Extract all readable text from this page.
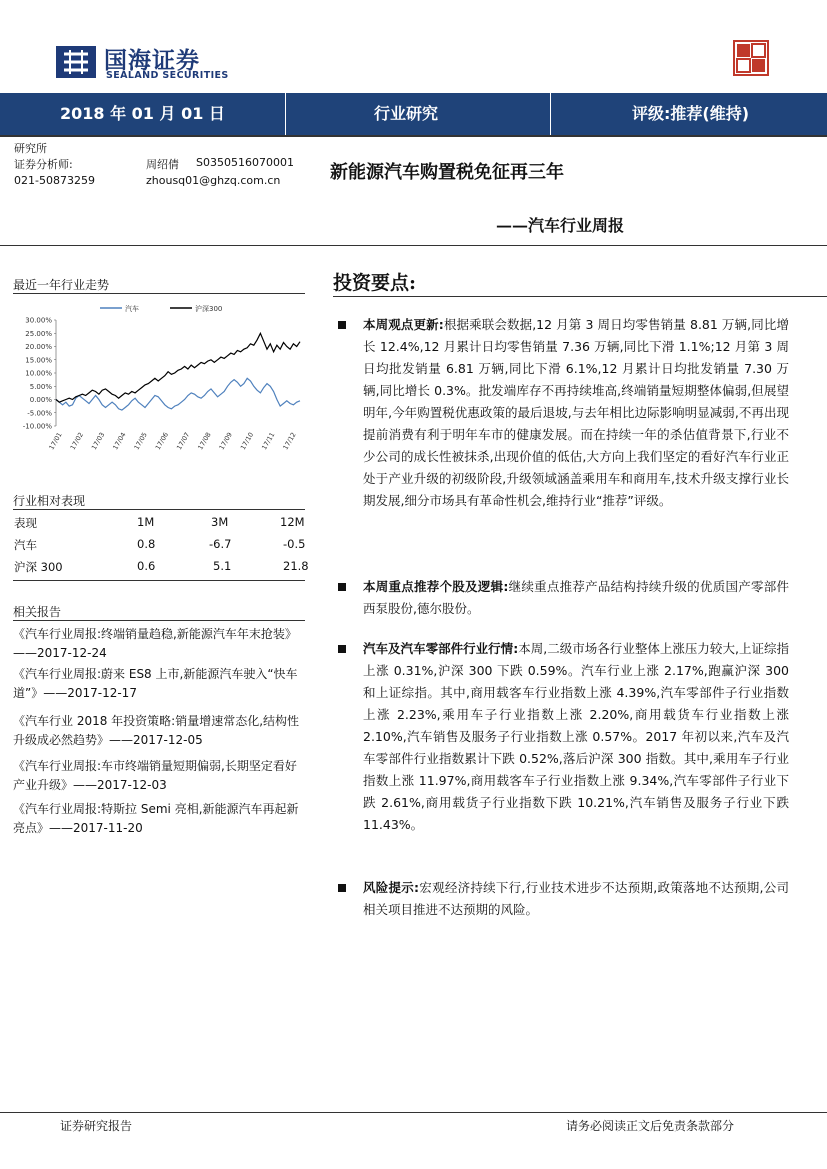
国海证券
SEALAND SECURITIES
2018 年 01 月 01 日	行业研究	评级:推荐(维持)
研究所
证券分析师:	周绍倩 S0350516070001
021-50873259	zhousq01@ghzq.com.cn	新能源汽车购置税免征再三年
——汽车行业周报
最近一年行业走势
汽车	沪深300
30.00%
25.00%
20.00%
15.00%
10.00%
5.00%
0.00%
-5.00%
-10.00%
17/01 17/02 17/03 17/04 17/05 17/06 17/07 17/08 17/09 17/10 17/11 17/12
行业相对表现
表现	1M	3M	12M
汽车	0.8	-6.7	-0.5
沪深 300	0.6	5.1	21.8
相关报告
《汽车行业周报:终端销量趋稳,新能源汽车年末抢装》——2017-12-24
《汽车行业周报:蔚来 ES8 上市,新能源汽车驶入“快车道”》——2017-12-17
《汽车行业 2018 年投资策略:销量增速常态化,结构性升级成必然趋势》——2017-12-05
《汽车行业周报:车市终端销量短期偏弱,长期坚定看好产业升级》——2017-12-03
《汽车行业周报:特斯拉 Semi 亮相,新能源汽车再起新亮点》——2017-11-20
投资要点:
本周观点更新:根据乘联会数据,12 月第 3 周日均零售销量 8.81 万辆,同比增长 12.4%,12 月累计日均零售销量 7.36 万辆,同比下滑 1.1%;12 月第 3 周日均批发销量 6.81 万辆,同比下滑 6.1%,12 月累计日均批发销量 7.30 万辆,同比增长 0.3%。批发端库存不再持续堆高,终端销量短期整体偏弱,但展望明年,今年购置税优惠政策的最后退坡,与去年相比边际影响明显减弱,不再出现提前消费有利于明年车市的健康发展。而在持续一年的杀估值背景下,行业不少公司的成长性被抹杀,出现价值的低估,大方向上我们坚定的看好汽车行业正处于产业升级的初级阶段,升级领域涵盖乘用车和商用车,技术升级支撑行业长期发展,细分市场具有革命性机会,维持行业“推荐”评级。
本周重点推荐个股及逻辑:继续重点推荐产品结构持续升级的优质国产零部件西泵股份,德尔股份。
汽车及汽车零部件行业行情:本周,二级市场各行业整体上涨压力较大,上证综指上涨 0.31%,沪深 300 下跌 0.59%。汽车行业上涨 2.17%,跑赢沪深 300 和上证综指。其中,商用载客车行业指数上涨 4.39%,汽车零部件子行业指数上涨 2.23%,乘用车子行业指数上涨 2.20%,商用载货车行业指数上涨 2.10%,汽车销售及服务子行业指数上涨 0.57%。2017 年初以来,汽车及汽车零部件行业指数累计下跌 0.52%,落后沪深 300 指数。其中,乘用车子行业指数上涨 11.97%,商用载客车子行业指数上涨 9.34%,汽车零部件子行业下跌 2.61%,商用载货子行业指数下跌 10.21%,汽车销售及服务子行业下跌 11.43%。
风险提示:宏观经济持续下行,行业技术进步不达预期,政策落地不达预期,公司相关项目推进不达预期的风险。
证券研究报告	请务必阅读正文后免责条款部分
